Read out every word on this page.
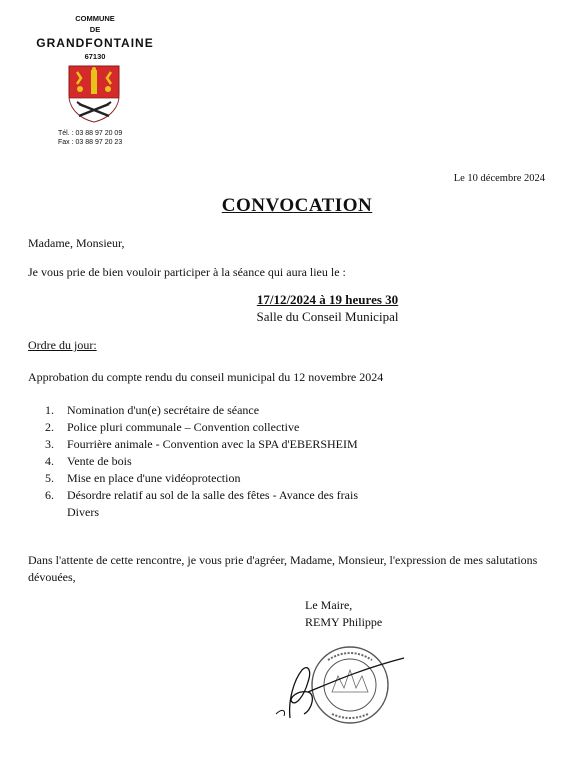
COMMUNE
DE
GRANDFONTAINE
67130
Tél. : 03 88 97 20 09
Fax : 03 88 97 20 23
Le 10 décembre 2024
CONVOCATION
Madame, Monsieur,
Je vous prie de bien vouloir participer à la séance qui aura lieu le :
17/12/2024 à 19 heures 30
Salle du Conseil Municipal
Ordre du jour:
Approbation du compte rendu du conseil municipal du 12 novembre 2024
1. Nomination d'un(e) secrétaire de séance
2. Police pluri communale – Convention collective
3. Fourrière animale - Convention avec la SPA d'EBERSHEIM
4. Vente de bois
5. Mise en place d'une vidéoprotection
6. Désordre relatif au sol de la salle des fêtes - Avance des frais
Divers
Dans l'attente de cette rencontre, je vous prie d'agréer, Madame, Monsieur, l'expression de mes salutations dévouées,
Le Maire,
REMY Philippe
